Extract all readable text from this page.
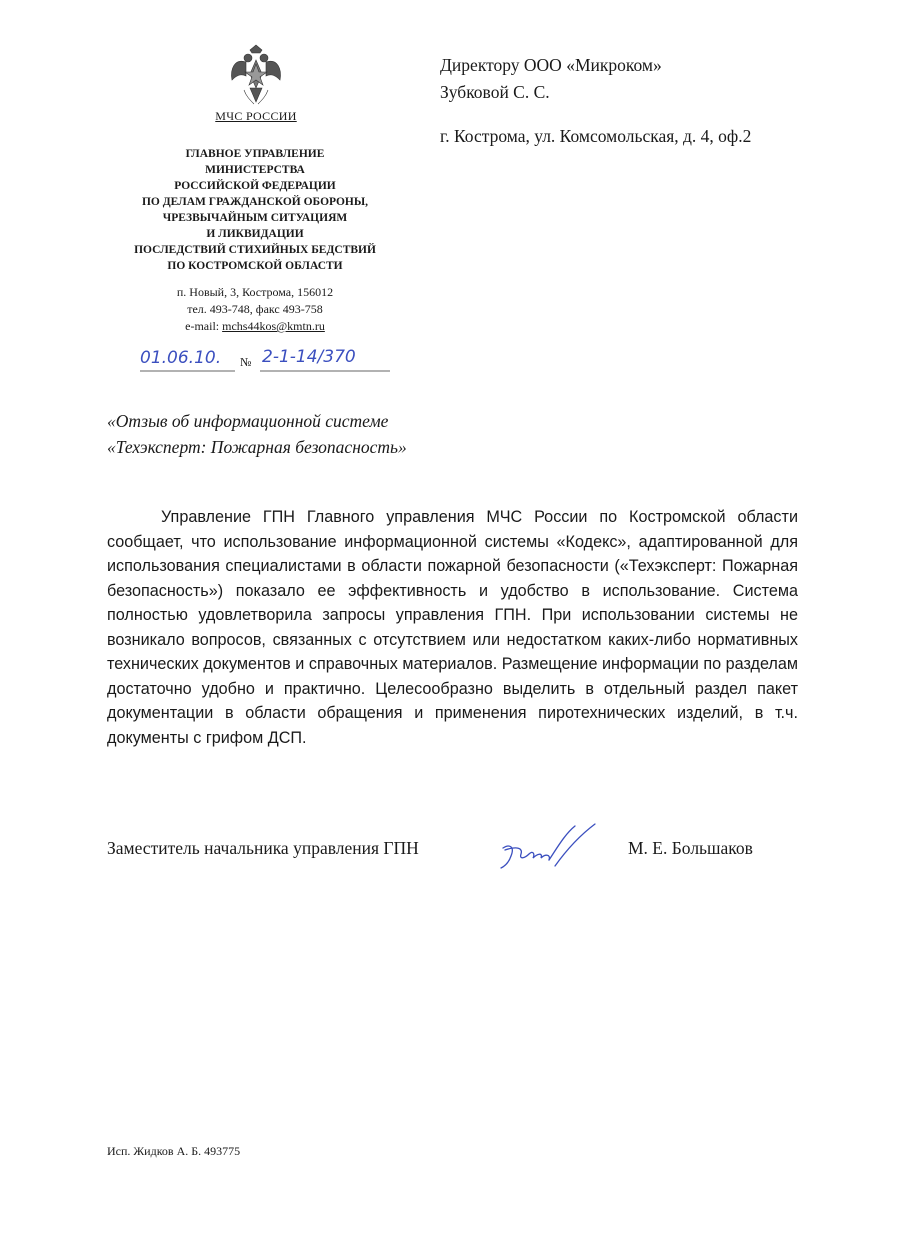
МЧС РОССИИ
ГЛАВНОЕ УПРАВЛЕНИЕ
МИНИСТЕРСТВА
РОССИЙСКОЙ ФЕДЕРАЦИИ
ПО ДЕЛАМ ГРАЖДАНСКОЙ ОБОРОНЫ,
ЧРЕЗВЫЧАЙНЫМ СИТУАЦИЯМ
И ЛИКВИДАЦИИ
ПОСЛЕДСТВИЙ СТИХИЙНЫХ БЕДСТВИЙ
ПО КОСТРОМСКОЙ ОБЛАСТИ
п. Новый, 3, Кострома, 156012
тел. 493-748, факс 493-758
e-mail: mchs44kos@kmtn.ru
01.06.10. № 2-1-14/370
Директору ООО «Микроком»
Зубковой С. С.
г. Кострома, ул. Комсомольская, д. 4, оф.2
«Отзыв об информационной системе
«Техэксперт: Пожарная безопасность»
Управление ГПН Главного управления МЧС России по Костромской области сообщает, что использование информационной системы «Кодекс», адаптированной для использования специалистами в области пожарной безопасности («Техэксперт: Пожарная безопасность») показало ее эффективность и удобство в использование. Система полностью удовлетворила запросы управления ГПН. При использовании системы не возникало вопросов, связанных с отсутствием или недостатком каких-либо нормативных технических документов и справочных материалов. Размещение информации по разделам достаточно удобно и практично. Целесообразно выделить в отдельный раздел пакет документации в области обращения и применения пиротехнических изделий, в т.ч. документы с грифом ДСП.
Заместитель начальника управления ГПН	М. Е. Большаков
Исп. Жидков А. Б. 493775
